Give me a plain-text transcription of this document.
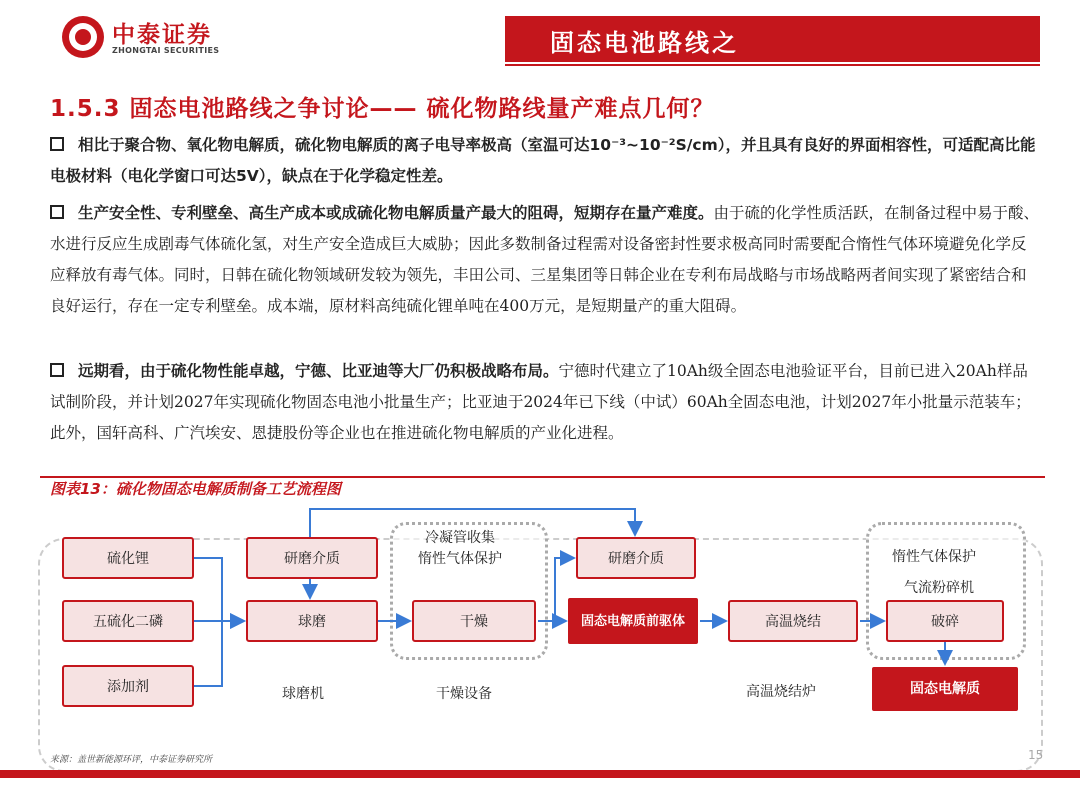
中泰证券
ZHONGTAI SECURITIES	固态电池路线之
1.5.3 固态电池路线之争讨论—— 硫化物路线量产难点几何？
相比于聚合物、氧化物电解质，硫化物电解质的离子电导率极高（室温可达10⁻³~10⁻²S/cm），并且具有良好的界面相容性，可适配高比能电极材料（电化学窗口可达5V），缺点在于化学稳定性差。
生产安全性、专利壁垒、高生产成本或成硫化物电解质量产最大的阻碍，短期存在量产难度。由于硫的化学性质活跃，在制备过程中易于酸、水进行反应生成剧毒气体硫化氢，对生产安全造成巨大威胁；因此多数制备过程需对设备密封性要求极高同时需要配合惰性气体环境避免化学反应释放有毒气体。同时，日韩在硫化物领域研发较为领先，丰田公司、三星集团等日韩企业在专利布局战略与市场战略两者间实现了紧密结合和良好运行，存在一定专利壁垒。成本端，原材料高纯硫化锂单吨在400万元，是短期量产的重大阻碍。
远期看，由于硫化物性能卓越，宁德、比亚迪等大厂仍积极战略布局。宁德时代建立了10Ah级全固态电池验证平台，目前已进入20Ah样品试制阶段，并计划2027年实现硫化物固态电池小批量生产；比亚迪于2024年已下线（中试）60Ah全固态电池，计划2027年小批量示范装车；此外，国轩高科、广汽埃安、恩捷股份等企业也在推进硫化物电解质的产业化进程。
图表13：硫化物固态电解质制备工艺流程图
硫化锂
五硫化二磷
添加剂
研磨介质
球磨
球磨机
冷凝管收集
惰性气体保护
干燥
干燥设备
研磨介质
固态电解质前驱体	高温烧结
高温烧结炉
惰性气体保护
气流粉碎机
破碎
固态电解质
来源：盖世新能源环评，中泰证券研究所	15
